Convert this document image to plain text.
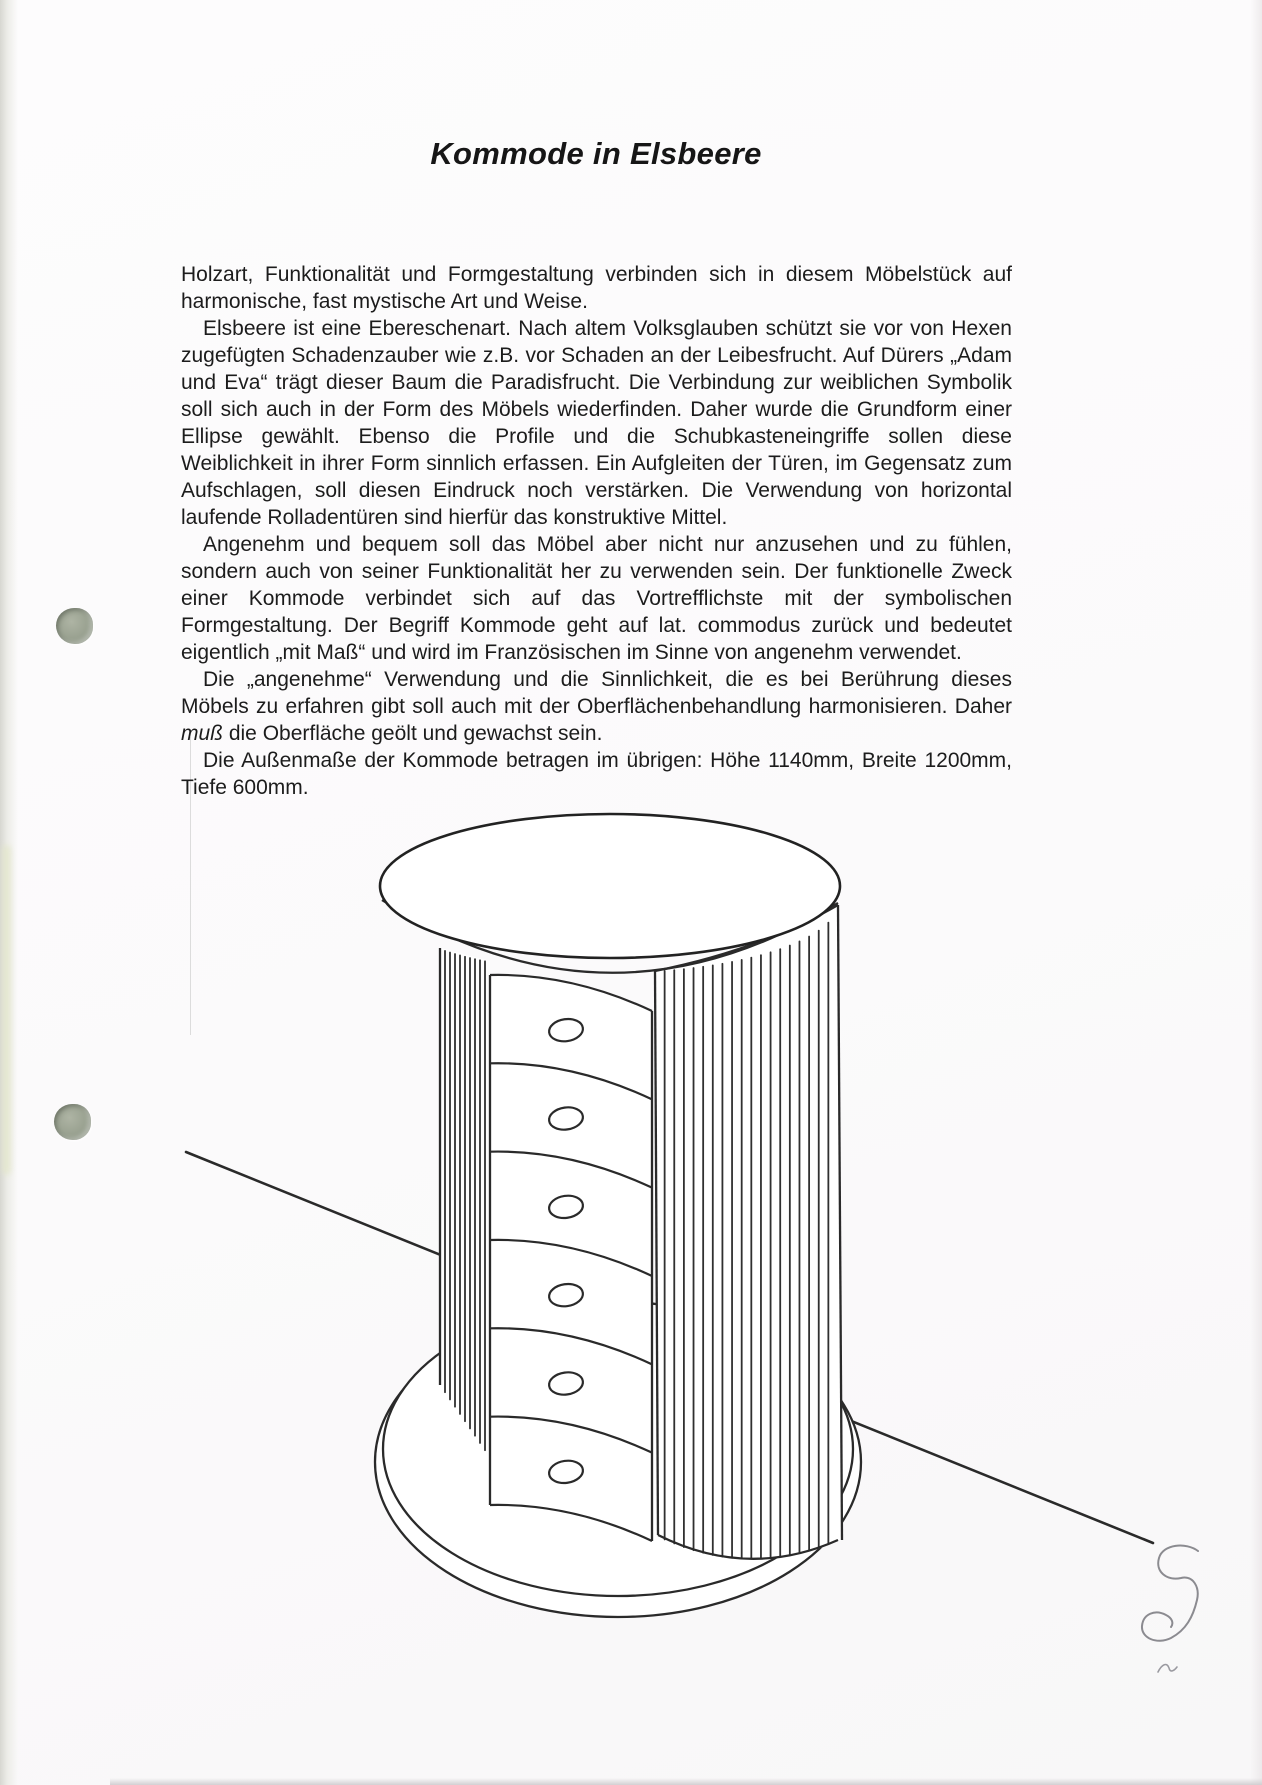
Kommode in Elsbeere

Holzart, Funktionalität und Formgestaltung verbinden sich in diesem Möbelstück auf harmonische, fast mystische Art und Weise.

Elsbeere ist eine Ebereschenart. Nach altem Volksglauben schützt sie vor von Hexen zugefügten Schadenzauber wie z.B. vor Schaden an der Leibesfrucht. Auf Dürers „Adam und Eva“ trägt dieser Baum die Paradisfrucht. Die Verbindung zur weiblichen Symbolik soll sich auch in der Form des Möbels wiederfinden. Daher wurde die Grundform einer Ellipse gewählt. Ebenso die Profile und die Schubkasteneingriffe sollen diese Weiblichkeit in ihrer Form sinnlich erfassen. Ein Aufgleiten der Türen, im Gegensatz zum Aufschlagen, soll diesen Eindruck noch verstärken. Die Verwendung von horizontal laufende Rolladentüren sind hierfür das konstruktive Mittel.

Angenehm und bequem soll das Möbel aber nicht nur anzusehen und zu fühlen, sondern auch von seiner Funktionalität her zu verwenden sein. Der funktionelle Zweck einer Kommode verbindet sich auf das Vortrefflichste mit der symbolischen Formgestaltung. Der Begriff Kommode geht auf lat. commodus zurück und bedeutet eigentlich „mit Maß“ und wird im Französischen im Sinne von angenehm verwendet.

Die „angenehme“ Verwendung und die Sinnlichkeit, die es bei Berührung dieses Möbels zu erfahren gibt soll auch mit der Oberflächenbehandlung harmonisieren. Daher muß die Oberfläche geölt und gewachst sein.

Die Außenmaße der Kommode betragen im übrigen: Höhe 1140mm, Breite 1200mm, Tiefe 600mm.
